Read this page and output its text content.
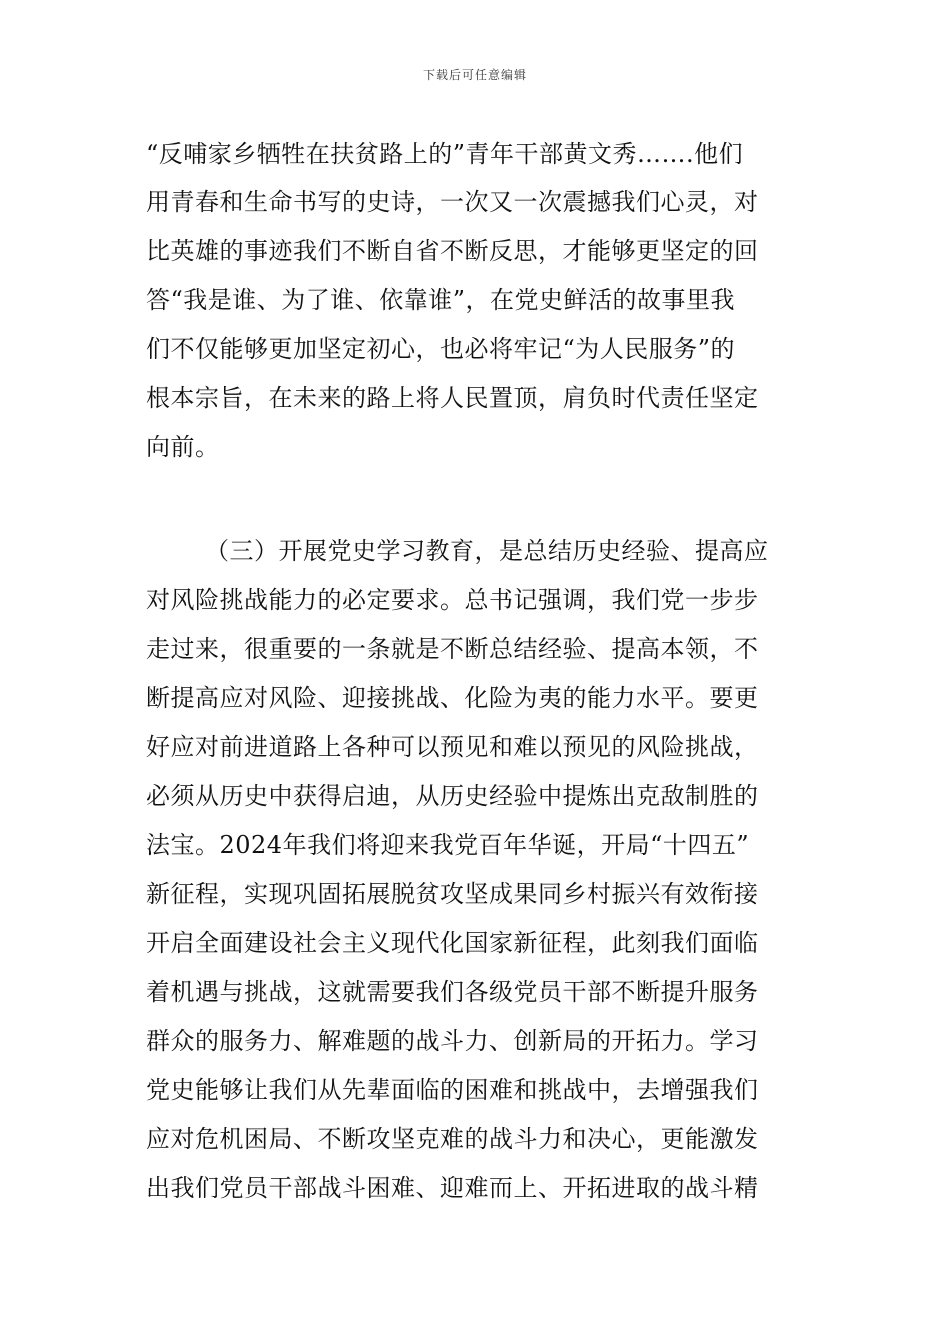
下载后可任意编辑
“反哺家乡牺牲在扶贫路上的”青年干部黄文秀…….他们
用青春和生命书写的史诗，一次又一次震撼我们心灵，对
比英雄的事迹我们不断自省不断反思，才能够更坚定的回
答“我是谁、为了谁、依靠谁”，在党史鲜活的故事里我
们不仅能够更加坚定初心，也必将牢记“为人民服务”的
根本宗旨，在未来的路上将人民置顶，肩负时代责任坚定
向前。
（三）开展党史学习教育，是总结历史经验、提高应
对风险挑战能力的必定要求。总书记强调，我们党一步步
走过来，很重要的一条就是不断总结经验、提高本领，不
断提高应对风险、迎接挑战、化险为夷的能力水平。要更
好应对前进道路上各种可以预见和难以预见的风险挑战，
必须从历史中获得启迪，从历史经验中提炼出克敌制胜的
法宝。2024年我们将迎来我党百年华诞，开局“十四五”
新征程，实现巩固拓展脱贫攻坚成果同乡村振兴有效衔接
开启全面建设社会主义现代化国家新征程，此刻我们面临
着机遇与挑战，这就需要我们各级党员干部不断提升服务
群众的服务力、解难题的战斗力、创新局的开拓力。学习
党史能够让我们从先辈面临的困难和挑战中，去增强我们
应对危机困局、不断攻坚克难的战斗力和决心，更能激发
出我们党员干部战斗困难、迎难而上、开拓进取的战斗精
